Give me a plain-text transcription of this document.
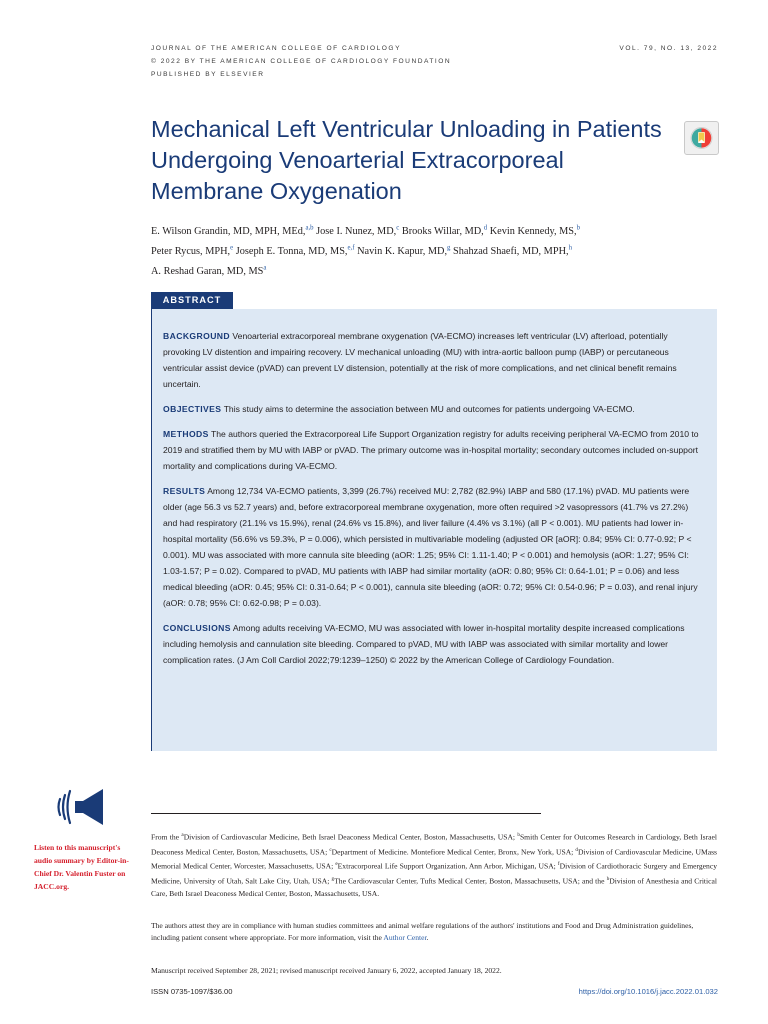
JOURNAL OF THE AMERICAN COLLEGE OF CARDIOLOGY
© 2022 BY THE AMERICAN COLLEGE OF CARDIOLOGY FOUNDATION
PUBLISHED BY ELSEVIER
VOL. 79, NO. 13, 2022
Mechanical Left Ventricular Unloading in Patients Undergoing Venoarterial Extracorporeal Membrane Oxygenation
E. Wilson Grandin, MD, MPH, MEd,$^{a,b}$ Jose I. Nunez, MD,$^c$ Brooks Willar, MD,$^d$ Kevin Kennedy, MS,$^b$
Peter Rycus, MPH,$^e$ Joseph E. Tonna, MD, MS,$^{e,f}$ Navin K. Kapur, MD,$^g$ Shahzad Shaefi, MD, MPH,$^h$
A. Reshad Garan, MD, $MS^a$
ABSTRACT

BACKGROUND Venoarterial extracorporeal membrane oxygenation (VA-ECMO) increases left ventricular (LV) afterload, potentially provoking LV distention and impairing recovery. LV mechanical unloading (MU) with intra-aortic balloon pump (IABP) or percutaneous ventricular assist device (pVAD) can prevent LV distension, potentially at the risk of more complications, and net clinical benefit remains uncertain.

OBJECTIVES This study aims to determine the association between MU and outcomes for patients undergoing VA-ECMO.

METHODS The authors queried the Extracorporeal Life Support Organization registry for adults receiving peripheral VA-ECMO from 2010 to 2019 and stratified them by MU with IABP or pVAD. The primary outcome was in-hospital mortality; secondary outcomes included on-support mortality and complications during VA-ECMO.

RESULTS Among 12,734 VA-ECMO patients, 3,399 (26.7%) received MU: 2,782 (82.9%) IABP and 580 (17.1%) pVAD. MU patients were older (age 56.3 vs 52.7 years) and, before extracorporeal membrane oxygenation, more often required >2 vasopressors (41.7% vs 27.2%) and had respiratory (21.1% vs 15.9%), renal (24.6% vs 15.8%), and liver failure (4.4% vs 3.1%) (all P < 0.001). MU patients had lower in-hospital mortality (56.6% vs 59.3%, P = 0.006), which persisted in multivariable modeling (adjusted OR [aOR]: 0.84; 95% CI: 0.77-0.92; P < 0.001). MU was associated with more cannula site bleeding (aOR: 1.25; 95% CI: 1.11-1.40; P < 0.001) and hemolysis (aOR: 1.27; 95% CI: 1.03-1.57; P = 0.02). Compared to pVAD, MU patients with IABP had similar mortality (aOR: 0.80; 95% CI: 0.64-1.01; P = 0.06) and less medical bleeding (aOR: 0.45; 95% CI: 0.31-0.64; P < 0.001), cannula site bleeding (aOR: 0.72; 95% CI: 0.54-0.96; P = 0.03), and renal injury (aOR: 0.78; 95% CI: 0.62-0.98; P = 0.03).

CONCLUSIONS Among adults receiving VA-ECMO, MU was associated with lower in-hospital mortality despite increased complications including hemolysis and cannulation site bleeding. Compared to pVAD, MU with IABP was associated with similar mortality and lower complication rates. (J Am Coll Cardiol 2022;79:1239–1250) © 2022 by the American College of Cardiology Foundation.

Listen to this manuscript's audio summary by Editor-in-Chief Dr. Valentin Fuster on JACC.org.
From the $^a$Division of Cardiovascular Medicine, Beth Israel Deaconess Medical Center, Boston, Massachusetts, USA; $^b$Smith Center for Outcomes Research in Cardiology, Beth Israel Deaconess Medical Center, Boston, Massachusetts, USA; $^c$Department of Medicine. Montefiore Medical Center, Bronx, New York, USA; $^d$Division of Cardiovascular Medicine, UMass Memorial Medical Center, Worcester, Massachusetts, USA; $^e$Extracorporeal Life Support Organization, Ann Arbor, Michigan, USA; $^f$Division of Cardiothoracic Surgery and Emergency Medicine, University of Utah, Salt Lake City, Utah, USA; $^g$The Cardiovascular Center, Tufts Medical Center, Boston, Massachusetts, USA; and the $^h$Division of Anesthesia and Critical Care, Beth Israel Deaconess Medical Center, Boston, Massachusetts, USA.
The authors attest they are in compliance with human studies committees and animal welfare regulations of the authors' institutions and Food and Drug Administration guidelines, including patient consent where appropriate. For more information, visit the Author Center.
Manuscript received September 28, 2021; revised manuscript received January 6, 2022, accepted January 18, 2022.
ISSN 0735-1097/$36.00	https://doi.org/10.1016/j.jacc.2022.01.032
